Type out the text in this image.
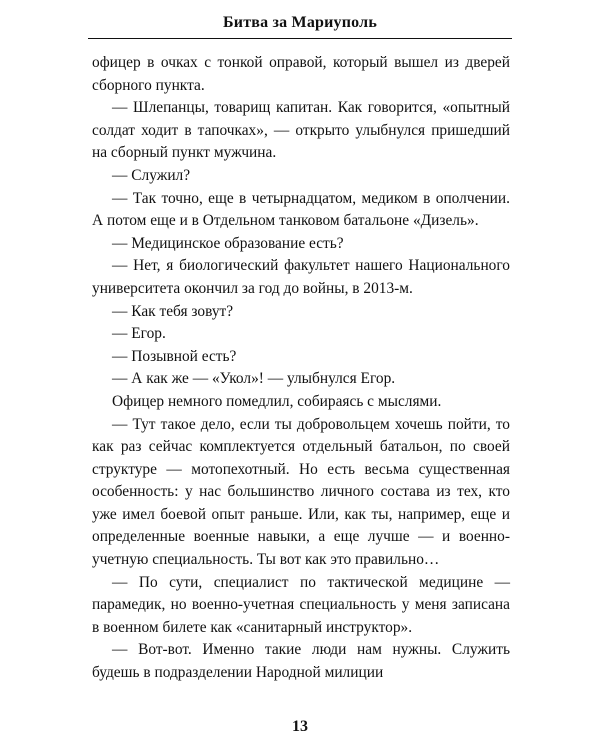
Битва за Мариуполь

офицер в очках с тонкой оправой, который вышел из дверей сборного пункта.

— Шлепанцы, товарищ капитан. Как говорится, «опытный солдат ходит в тапочках», — открыто улыбнулся пришедший на сборный пункт мужчина.

— Служил?

— Так точно, еще в четырнадцатом, медиком в ополчении. А потом еще и в Отдельном танковом батальоне «Дизель».

— Медицинское образование есть?

— Нет, я биологический факультет нашего Национального университета окончил за год до войны, в 2013-м.

— Как тебя зовут?

— Егор.

— Позывной есть?

— А как же — «Укол»! — улыбнулся Егор.

Офицер немного помедлил, собираясь с мыслями.

— Тут такое дело, если ты добровольцем хочешь пойти, то как раз сейчас комплектуется отдельный батальон, по своей структуре — мотопехотный. Но есть весьма существенная особенность: у нас большинство личного состава из тех, кто уже имел боевой опыт раньше. Или, как ты, например, еще и определенные военные навыки, а еще лучше — и военно-учетную специальность. Ты вот как это правильно…

— По сути, специалист по тактической медицине — парамедик, но военно-учетная специальность у меня записана в военном билете как «санитарный инструктор».

— Вот-вот. Именно такие люди нам нужны. Служить будешь в подразделении Народной милиции

13
